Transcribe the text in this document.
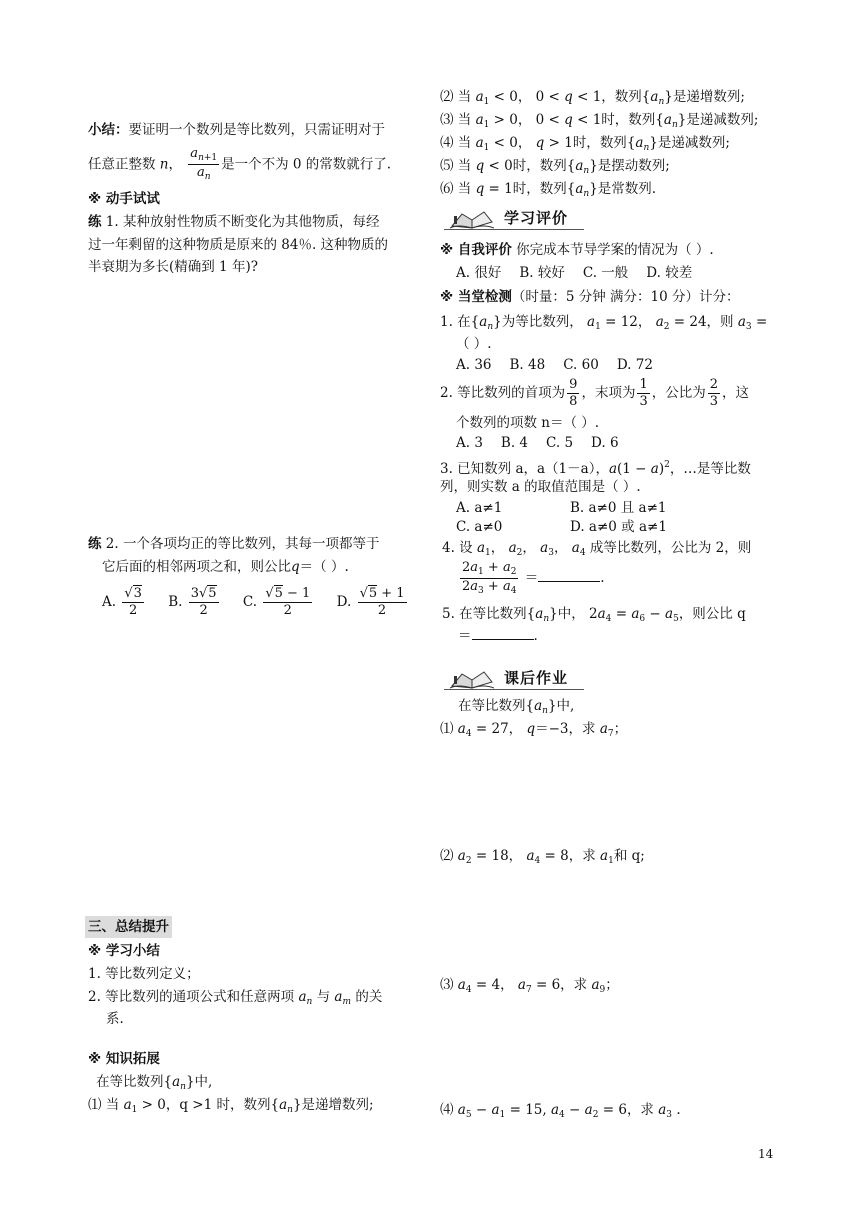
小结：要证明一个数列是等比数列，只需证明对于
任意正整数 n， $\frac{a_{n+1}}{a_n}$ 是一个不为 0 的常数就行了.
※ 动手试试
练 1. 某种放射性物质不断变化为其他物质，每经
过一年剩留的这种物质是原来的 84％. 这种物质的
半衰期为多长(精确到 1 年)?
练 2. 一个各项均正的等比数列，其每一项都等于
它后面的相邻两项之和，则公比q＝（ ）.
A. $\frac{√3}{2} B$. $\frac{3√5}{2} C$. $\frac{√5 - 1}{2} D$. $\frac{√5 + 1}{2}$
三、总结提升
※ 学习小结
1. 等比数列定义；
2. 等比数列的通项公式和任意两项 $a_n$ 与 $a_m$ 的关
系.
※ 知识拓展
在等比数列$\{a_n\}$中,
⑴ 当 $a_1 > 0$，q >1 时，数列$\{a_n\}$是递增数列;
⑵ 当 $a_1 < 0$， 0 < q < 1，数列$\{a_n\}$是递增数列;
⑶ 当 $a_1 > 0$， 0 < q < 1时，数列$\{a_n\}$是递减数列;
⑷ 当 $a_1 < 0$， q > 1时，数列$\{a_n\}$是递减数列;
⑸ 当 q < 0时，数列$\{a_n\}$是摆动数列;
⑹ 当 q = 1时，数列$\{a_n\}$是常数列.
学习评价
※ 自我评价 你完成本节导学案的情况为（ ）.
A. 很好 B. 较好 C. 一般 D. 较差
※ 当堂检测（时量：5 分钟 满分：10 分）计分：
1. 在$\{a_n\}$为等比数列， $a_1 = 12$， $a_2 = 24$，则 $a_3$ =
（ ）.
A. 36 B. 48 C. 60 D. 72
2. 等比数列的首项为 $\frac{9}{8}$ ，末项为 $\frac{1}{3}$ ，公比为 $\frac{2}{3}$ ，这
个数列的项数 n＝（ ）.
A. 3 B. 4 C. 5 D. 6
3. 已知数列 a，a（1－a），$a(1 - a)^2$，…是等比数
列，则实数 a 的取值范围是（ ）.
A. a≠1	B. a≠0 且 a≠1
C. a≠0	D. a≠0 或 a≠1
4. 设 $a_1$， $a_2$， $a_3$， $a_4$ 成等比数列，公比为 2，则
$\frac{2a_1 + a_2}{2a_3 + a_4}$ ＝	.
5. 在等比数列$\{a_n\}$中， $2a_4 = a_6 - a_5$，则公比 q
＝	.
课后作业
在等比数列$\{a_n\}$中,
⑴ $a_4 = 27$， q＝−3，求 $a_7$；
⑵ $a_2 = 18$， $a_4 = 8$，求 $a_1$和 q;
⑶ $a_4 = 4$， $a_7 = 6$，求 $a_9$；
⑷ $a_5 - a_1 = 15$, $a_4 - a_2 = 6$，求 $a_3$ .
14
